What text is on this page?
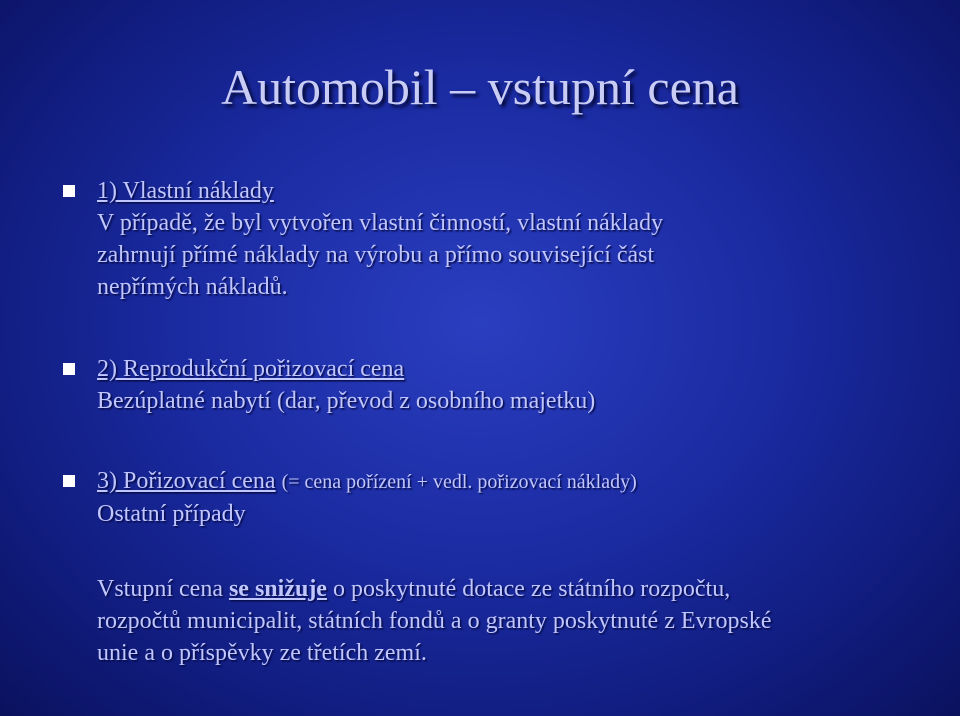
Automobil – vstupní cena
1) Vlastní náklady
V případě, že byl vytvořen vlastní činností, vlastní náklady
zahrnují přímé náklady na výrobu a přímo související část
nepřímých nákladů.
2) Reprodukční pořizovací cena
Bezúplatné nabytí (dar, převod z osobního majetku)
3) Pořizovací cena (= cena pořízení + vedl. pořizovací náklady)
Ostatní případy
Vstupní cena se snižuje o poskytnuté dotace ze státního rozpočtu,
rozpočtů municipalit, státních fondů a o granty poskytnuté z Evropské
unie a o příspěvky ze třetích zemí.
